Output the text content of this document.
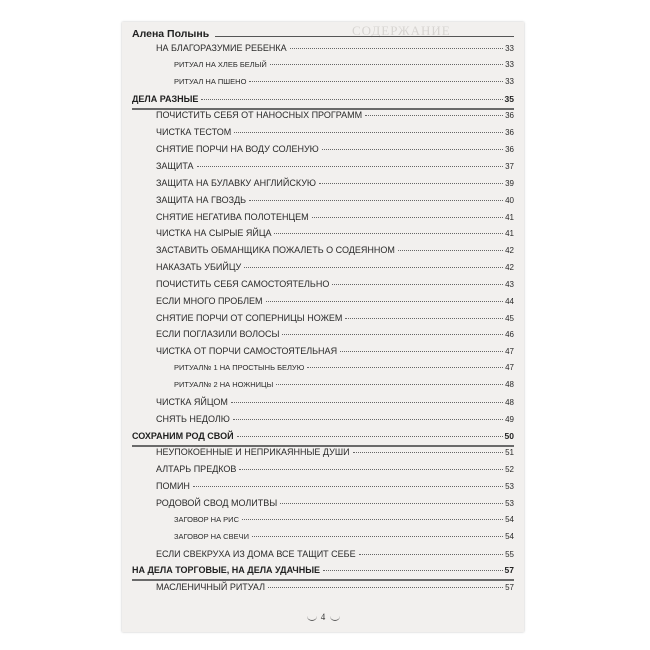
СОДЕРЖАНИЕ
Алена Полынь
НА БЛАГОРАЗУМИЕ РЕБЕНКА	33
РИТУАЛ НА ХЛЕБ БЕЛЫЙ	33
РИТУАЛ НА ПШЕНО	33
ДЕЛА РАЗНЫЕ	35
ПОЧИСТИТЬ СЕБЯ ОТ НАНОСНЫХ ПРОГРАММ	36
ЧИСТКА ТЕСТОМ	36
СНЯТИЕ ПОРЧИ НА ВОДУ СОЛЕНУЮ	36
ЗАЩИТА	37
ЗАЩИТА НА БУЛАВКУ АНГЛИЙСКУЮ	39
ЗАЩИТА НА ГВОЗДЬ	40
СНЯТИЕ НЕГАТИВА ПОЛОТЕНЦЕМ	41
ЧИСТКА НА СЫРЫЕ ЯЙЦА	41
ЗАСТАВИТЬ ОБМАНЩИКА ПОЖАЛЕТЬ О СОДЕЯННОМ	42
НАКАЗАТЬ УБИЙЦУ	42
ПОЧИСТИТЬ СЕБЯ САМОСТОЯТЕЛЬНО	43
ЕСЛИ МНОГО ПРОБЛЕМ	44
СНЯТИЕ ПОРЧИ ОТ СОПЕРНИЦЫ НОЖЕМ	45
ЕСЛИ ПОГЛАЗИЛИ ВОЛОСЫ	46
ЧИСТКА ОТ ПОРЧИ САМОСТОЯТЕЛЬНАЯ	47
РИТУАЛ№ 1 НА ПРОСТЫНЬ БЕЛУЮ	47
РИТУАЛ№ 2 НА НОЖНИЦЫ	48
ЧИСТКА ЯЙЦОМ	48
СНЯТЬ НЕДОЛЮ	49
СОХРАНИМ РОД СВОЙ	50
НЕУПОКОЕННЫЕ И НЕПРИКАЯННЫЕ ДУШИ	51
АЛТАРЬ ПРЕДКОВ	52
ПОМИН	53
РОДОВОЙ СВОД МОЛИТВЫ	53
ЗАГОВОР НА РИС	54
ЗАГОВОР НА СВЕЧИ	54
ЕСЛИ СВЕКРУХА ИЗ ДОМА ВСЕ ТАЩИТ СЕБЕ	55
НА ДЕЛА ТОРГОВЫЕ, НА ДЕЛА УДАЧНЫЕ	57
МАСЛЕНИЧНЫЙ РИТУАЛ	57
4
